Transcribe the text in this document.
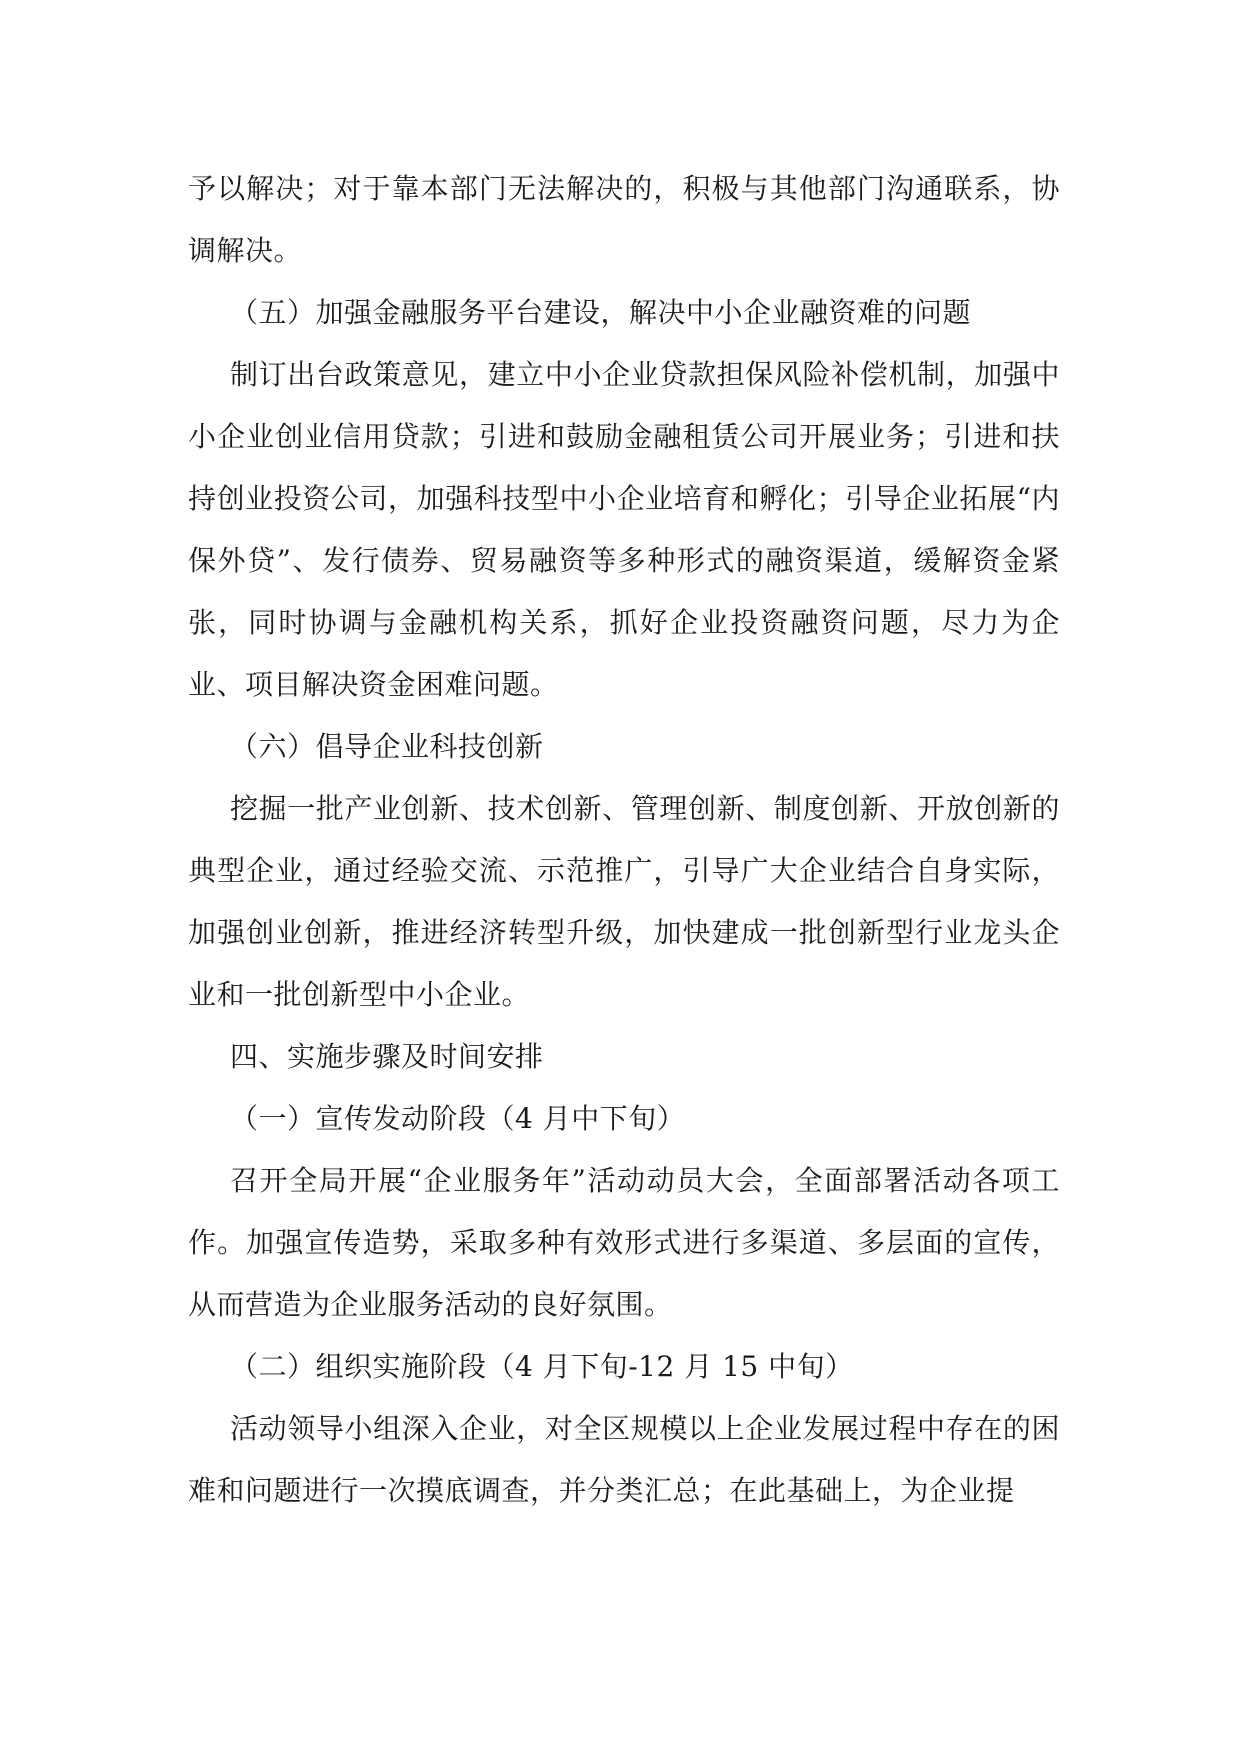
予以解决；对于靠本部门无法解决的，积极与其他部门沟通联系，协调解决。

（五）加强金融服务平台建设，解决中小企业融资难的问题

制订出台政策意见，建立中小企业贷款担保风险补偿机制，加强中小企业创业信用贷款；引进和鼓励金融租赁公司开展业务；引进和扶持创业投资公司，加强科技型中小企业培育和孵化；引导企业拓展“内保外贷”、发行债券、贸易融资等多种形式的融资渠道，缓解资金紧张，同时协调与金融机构关系，抓好企业投资融资问题，尽力为企业、项目解决资金困难问题。

（六）倡导企业科技创新

挖掘一批产业创新、技术创新、管理创新、制度创新、开放创新的典型企业，通过经验交流、示范推广，引导广大企业结合自身实际，加强创业创新，推进经济转型升级，加快建成一批创新型行业龙头企业和一批创新型中小企业。

四、实施步骤及时间安排

（一）宣传发动阶段（4 月中下旬）

召开全局开展“企业服务年”活动动员大会，全面部署活动各项工作。加强宣传造势，采取多种有效形式进行多渠道、多层面的宣传，从而营造为企业服务活动的良好氛围。

（二）组织实施阶段（4 月下旬-12 月 15 中旬）

活动领导小组深入企业，对全区规模以上企业发展过程中存在的困难和问题进行一次摸底调查，并分类汇总；在此基础上，为企业提
